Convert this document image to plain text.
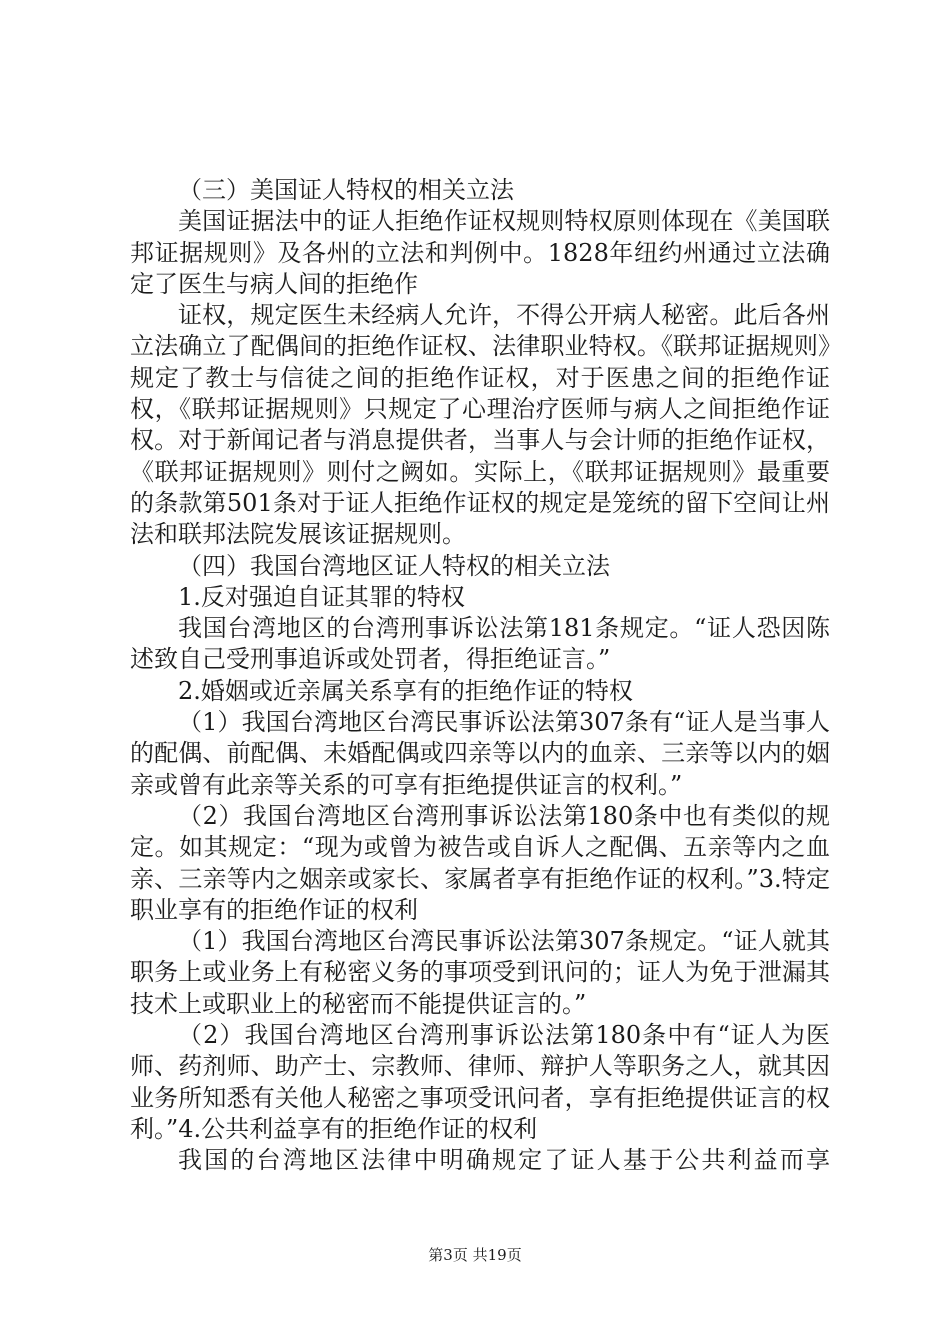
（三）美国证人特权的相关立法

美国证据法中的证人拒绝作证权规则特权原则体现在《美国联邦证据规则》及各州的立法和判例中。1828年纽约州通过立法确定了医生与病人间的拒绝作

证权，规定医生未经病人允许，不得公开病人秘密。此后各州立法确立了配偶间的拒绝作证权、法律职业特权。《联邦证据规则》规定了教士与信徒之间的拒绝作证权，对于医患之间的拒绝作证权，《联邦证据规则》只规定了心理治疗医师与病人之间拒绝作证权。对于新闻记者与消息提供者，当事人与会计师的拒绝作证权，《联邦证据规则》则付之阙如。实际上，《联邦证据规则》最重要的条款第501条对于证人拒绝作证权的规定是笼统的留下空间让州法和联邦法院发展该证据规则。

（四）我国台湾地区证人特权的相关立法

1.反对强迫自证其罪的特权

我国台湾地区的台湾刑事诉讼法第181条规定。“证人恐因陈述致自己受刑事追诉或处罚者，得拒绝证言。”

2.婚姻或近亲属关系享有的拒绝作证的特权

（1）我国台湾地区台湾民事诉讼法第307条有“证人是当事人的配偶、前配偶、未婚配偶或四亲等以内的血亲、三亲等以内的姻亲或曾有此亲等关系的可享有拒绝提供证言的权利。”

（2）我国台湾地区台湾刑事诉讼法第180条中也有类似的规定。如其规定：“现为或曾为被告或自诉人之配偶、五亲等内之血亲、三亲等内之姻亲或家长、家属者享有拒绝作证的权利。”3.特定职业享有的拒绝作证的权利

（1）我国台湾地区台湾民事诉讼法第307条规定。“证人就其职务上或业务上有秘密义务的事项受到讯问的；证人为免于泄漏其技术上或职业上的秘密而不能提供证言的。”

（2）我国台湾地区台湾刑事诉讼法第180条中有“证人为医师、药剂师、助产士、宗教师、律师、辩护人等职务之人，就其因业务所知悉有关他人秘密之事项受讯问者，享有拒绝提供证言的权利。”4.公共利益享有的拒绝作证的权利

我国的台湾地区法律中明确规定了证人基于公共利益而享

第3页 共19页
